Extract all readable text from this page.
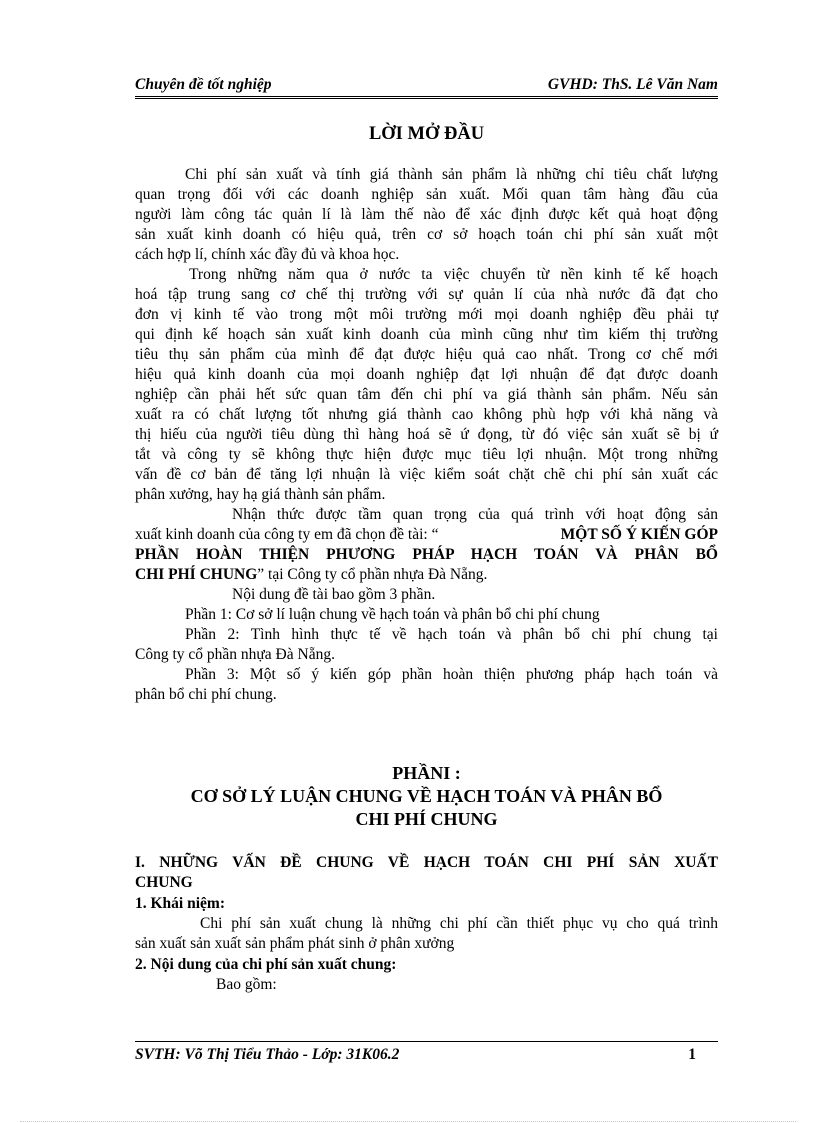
Chuyên đề tốt nghiệp	GVHD: ThS. Lê Văn Nam
LỜI MỞ ĐẦU
Chi phí sản xuất và tính giá thành sản phẩm là những chỉ tiêu chất lượng
quan trọng đối với các doanh nghiệp sản xuất. Mối quan tâm hàng đầu của
người làm công tác quản lí là làm thế nào để xác định được kết quả hoạt động
sản xuất kinh doanh có hiệu quả, trên cơ sở hoạch toán chi phí sản xuất một
cách hợp lí, chính xác đầy đủ và khoa học.
Trong những năm qua ở nước ta việc chuyển từ nền kinh tế kế hoạch
hoá tập trung sang cơ chế thị trường với sự quản lí của nhà nước đã đạt cho
đơn vị kinh tế vào trong một môi trường mới mọi doanh nghiệp đều phải tự
qui định kế hoạch sản xuất kinh doanh của mình cũng như tìm kiếm thị trường
tiêu thụ sản phẩm của mình để đạt được hiệu quả cao nhất. Trong cơ chế mới
hiệu quả kinh doanh của mọi doanh nghiệp đạt lợi nhuận để đạt được doanh
nghiệp cần phải hết sức quan tâm đến chi phí va giá thành sản phẩm. Nếu sản
xuất ra có chất lượng tốt nhưng giá thành cao không phù hợp với khả năng và
thị hiếu của người tiêu dùng thì hàng hoá sẽ ứ đọng, từ đó việc sản xuất sẽ bị ứ
tắt và công ty sẽ không thực hiện được mục tiêu lợi nhuận. Một trong những
vấn đề cơ bản để tăng lợi nhuận là việc kiểm soát chặt chẽ chi phí sản xuất các
phân xưởng, hay hạ giá thành sản phẩm.
Nhận thức được tầm quan trọng của quá trình với hoạt động sản
xuất kinh doanh của công ty em đã chọn đề tài: “	MỘT SỐ Ý KIẾN GÓP
PHẦN HOÀN THIỆN PHƯƠNG PHÁP HẠCH TOÁN VÀ PHÂN BỔ
CHI PHÍ CHUNG” tại Công ty cổ phần nhựa Đà Nẵng.
Nội dung đề tài bao gồm 3 phần.
Phần 1: Cơ sở lí luận chung về hạch toán và phân bổ chi phí chung
Phần 2: Tình hình thực tế về hạch toán và phân bổ chi phí chung tại
Công ty cổ phần nhựa Đà Nẵng.
Phần 3: Một số ý kiến góp phần hoàn thiện phương pháp hạch toán và
phân bổ chi phí chung.
PHẦNI :
CƠ SỞ LÝ LUẬN CHUNG VỀ HẠCH TOÁN VÀ PHÂN BỔ
CHI PHÍ CHUNG
I. NHỮNG VẤN ĐỀ CHUNG VỀ HẠCH TOÁN CHI PHÍ SẢN XUẤT
CHUNG
1. Khái niệm:
Chi phí sản xuất chung là những chi phí cần thiết phục vụ cho quá trình
sản xuất sản xuất sản phẩm phát sinh ở phân xưởng
2. Nội dung của chi phí sản xuất chung:
Bao gồm:
SVTH: Võ Thị Tiểu Thảo - Lớp: 31K06.2	1
